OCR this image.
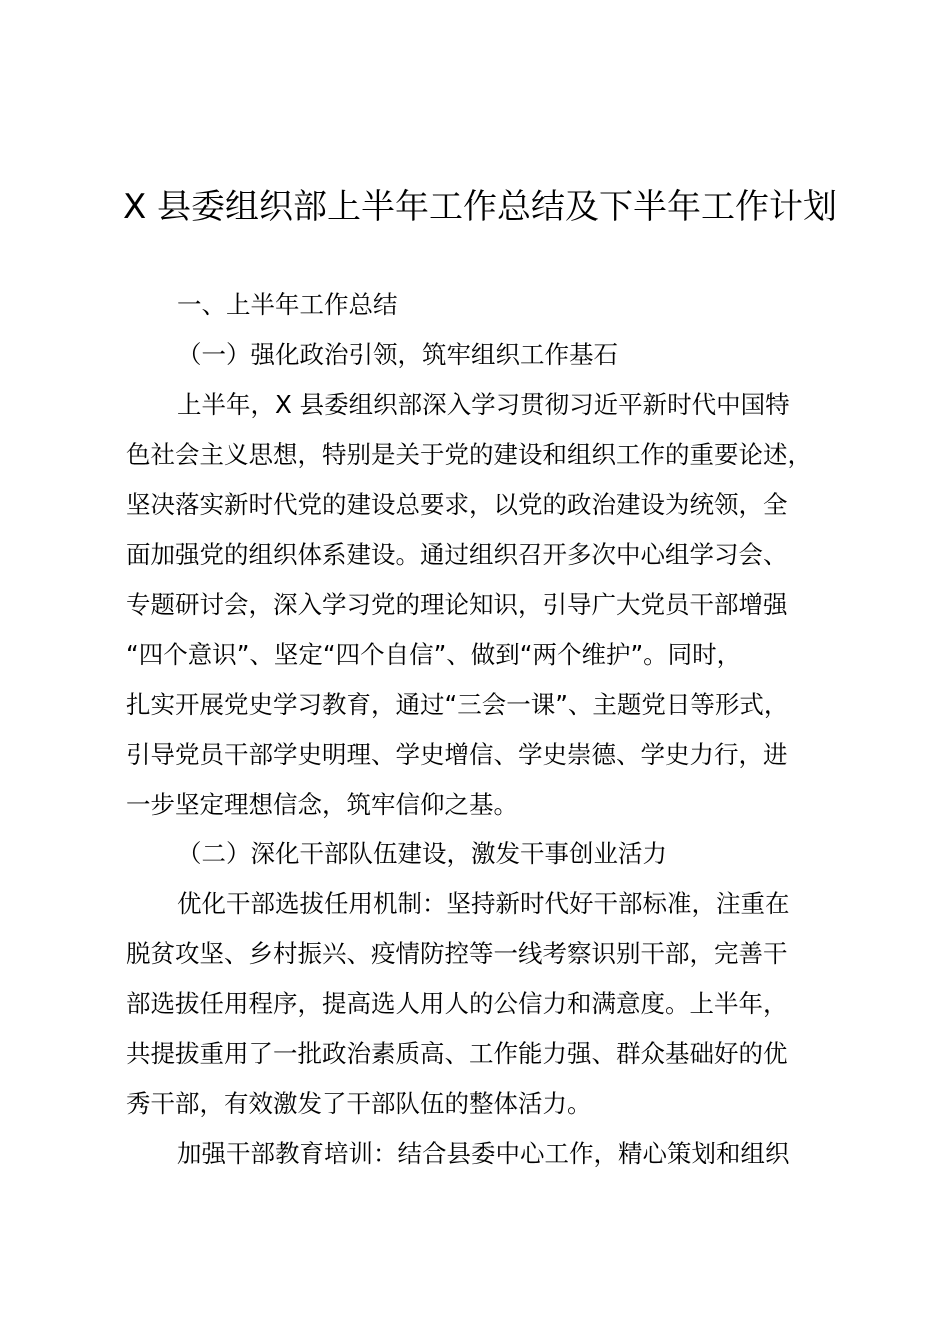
X 县委组织部上半年工作总结及下半年工作计划

一、上半年工作总结

（一）强化政治引领，筑牢组织工作基石

上半年，X 县委组织部深入学习贯彻习近平新时代中国特

色社会主义思想，特别是关于党的建设和组织工作的重要论述，

坚决落实新时代党的建设总要求，以党的政治建设为统领，全

面加强党的组织体系建设。通过组织召开多次中心组学习会、

专题研讨会，深入学习党的理论知识，引导广大党员干部增强

“四个意识”、坚定“四个自信”、做到“两个维护”。同时，

扎实开展党史学习教育，通过“三会一课”、主题党日等形式，

引导党员干部学史明理、学史增信、学史崇德、学史力行，进

一步坚定理想信念，筑牢信仰之基。

（二）深化干部队伍建设，激发干事创业活力

优化干部选拔任用机制：坚持新时代好干部标准，注重在

脱贫攻坚、乡村振兴、疫情防控等一线考察识别干部，完善干

部选拔任用程序，提高选人用人的公信力和满意度。上半年，

共提拔重用了一批政治素质高、工作能力强、群众基础好的优

秀干部，有效激发了干部队伍的整体活力。

加强干部教育培训：结合县委中心工作，精心策划和组织
